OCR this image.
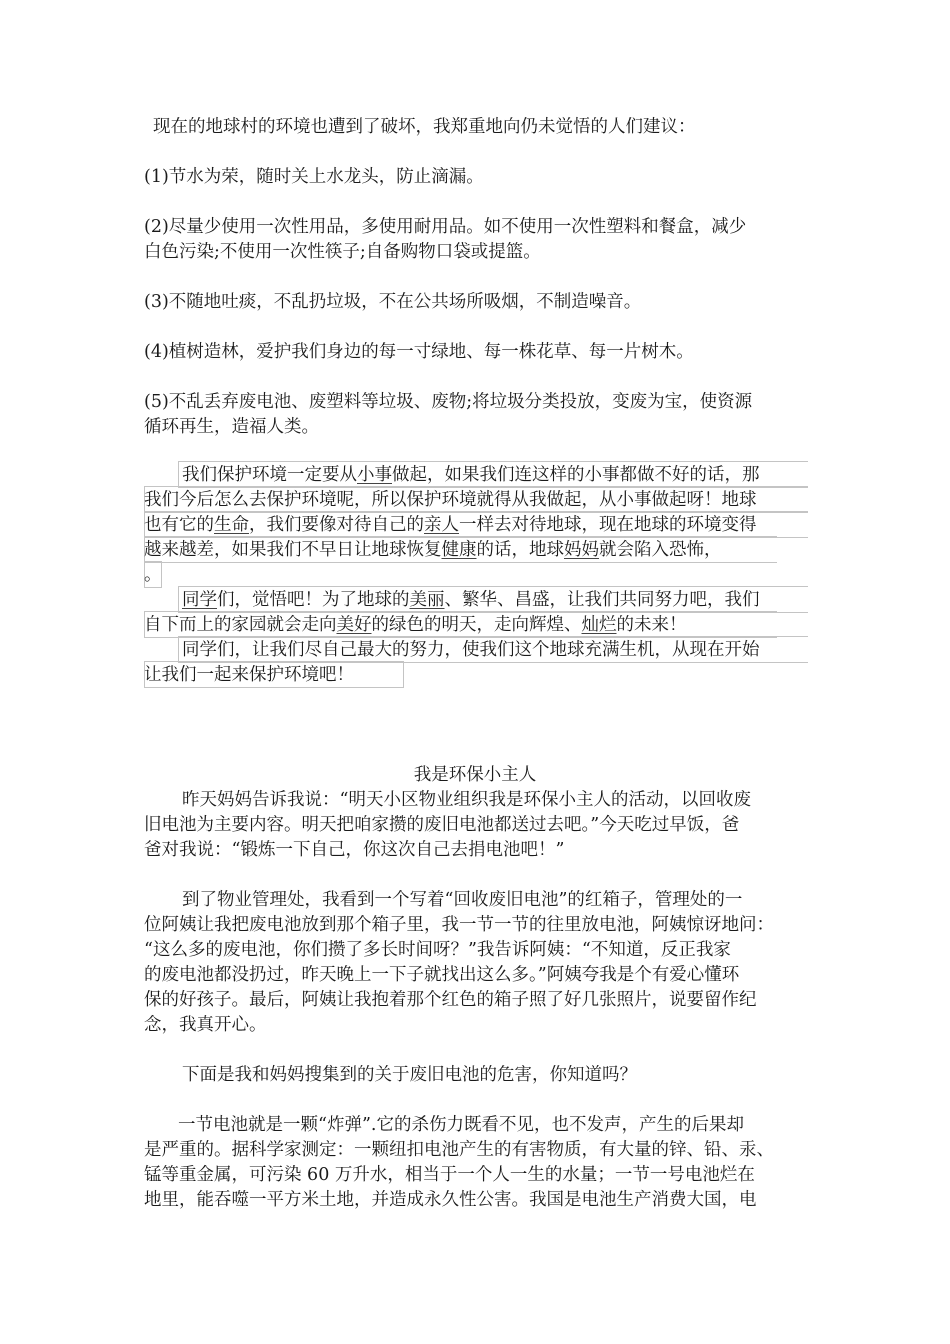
现在的地球村的环境也遭到了破坏，我郑重地向仍未觉悟的人们建议：
(1)节水为荣，随时关上水龙头，防止滴漏。
(2)尽量少使用一次性用品，多使用耐用品。如不使用一次性塑料和餐盒，减少
白色污染;不使用一次性筷子;自备购物口袋或提篮。
(3)不随地吐痰，不乱扔垃圾，不在公共场所吸烟，不制造噪音。
(4)植树造林，爱护我们身边的每一寸绿地、每一株花草、每一片树木。
(5)不乱丢弃废电池、废塑料等垃圾、废物;将垃圾分类投放，变废为宝，使资源
循环再生，造福人类。
我们保护环境一定要从小事做起，如果我们连这样的小事都做不好的话，那
我们今后怎么去保护环境呢，所以保护环境就得从我做起，从小事做起呀！地球
也有它的生命，我们要像对待自己的亲人一样去对待地球，现在地球的环境变得
越来越差，如果我们不早日让地球恢复健康的话，地球妈妈就会陷入恐怖，
。
同学们，觉悟吧！为了地球的美丽、繁华、昌盛，让我们共同努力吧，我们
自下而上的家园就会走向美好的绿色的明天，走向辉煌、灿烂的未来！
同学们，让我们尽自己最大的努力，使我们这个地球充满生机，从现在开始
让我们一起来保护环境吧！
我是环保小主人
昨天妈妈告诉我说：“明天小区物业组织我是环保小主人的活动，以回收废
旧电池为主要内容。明天把咱家攒的废旧电池都送过去吧。”今天吃过早饭，爸
爸对我说：“锻炼一下自己，你这次自己去捐电池吧！”
到了物业管理处，我看到一个写着“回收废旧电池”的红箱子，管理处的一
位阿姨让我把废电池放到那个箱子里，我一节一节的往里放电池，阿姨惊讶地问：
“这么多的废电池，你们攒了多长时间呀？”我告诉阿姨：“不知道，反正我家
的废电池都没扔过，昨天晚上一下子就找出这么多。”阿姨夸我是个有爱心懂环
保的好孩子。最后，阿姨让我抱着那个红色的箱子照了好几张照片，说要留作纪
念，我真开心。
下面是我和妈妈搜集到的关于废旧电池的危害，你知道吗？
一节电池就是一颗“炸弹”.它的杀伤力既看不见，也不发声，产生的后果却
是严重的。据科学家测定：一颗纽扣电池产生的有害物质，有大量的锌、铅、汞、
锰等重金属，可污染 60 万升水，相当于一个人一生的水量；一节一号电池烂在
地里，能吞噬一平方米土地，并造成永久性公害。我国是电池生产消费大国，电
